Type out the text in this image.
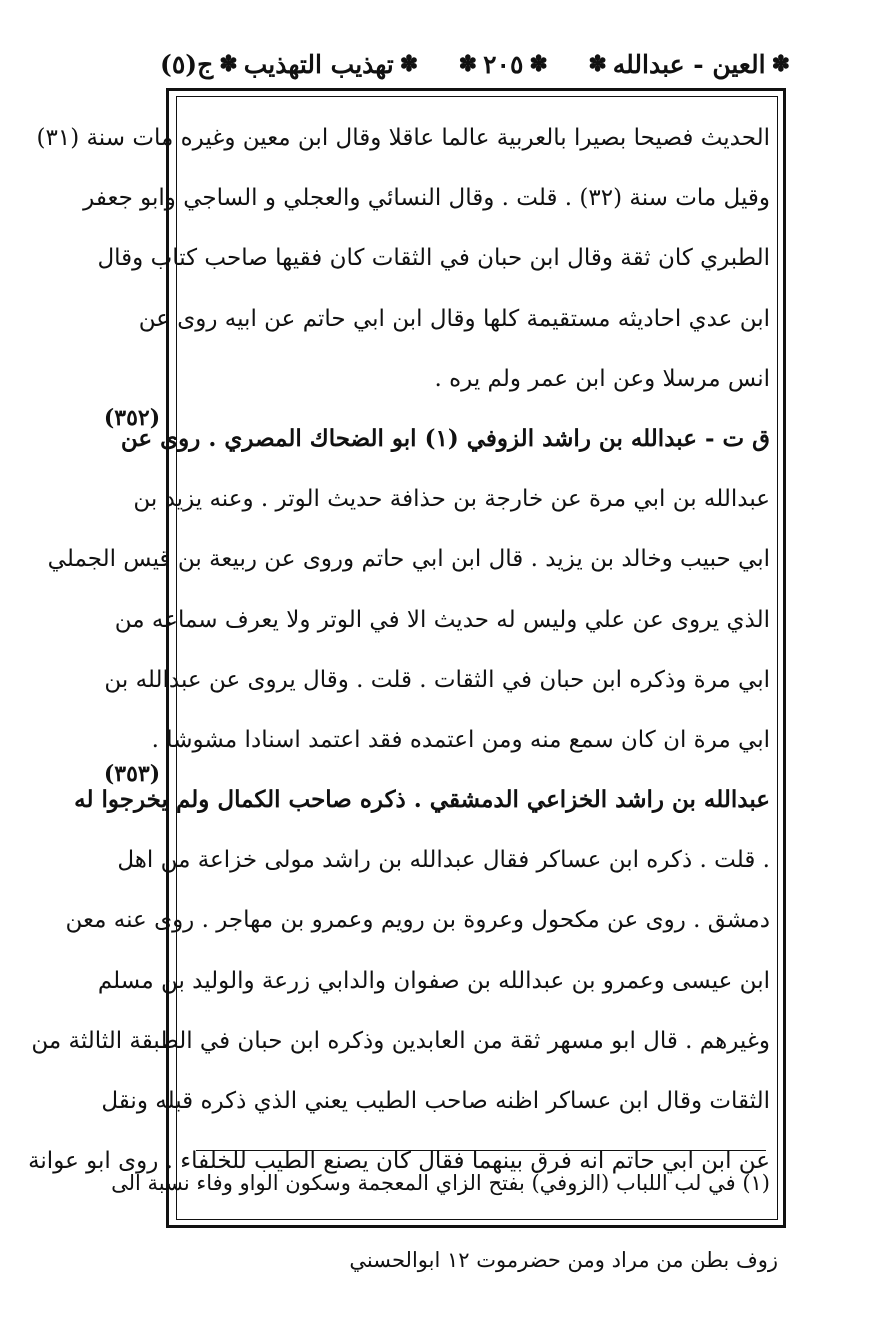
ج(٥) ✽ تهذيب التهذيب ✽ ✽ ٢٠٥ ✽ ✽ العين - عبدالله ✽
الحديث فصيحا بصيرا بالعربية عالما عاقلا وقال ابن معين وغيره مات سنة (٣١)
وقيل مات سنة (٣٢) . قلت . وقال النسائي والعجلي و الساجي وابو جعفر
الطبري كان ثقة وقال ابن حبان في الثقات كان فقيها صاحب كتاب وقال
ابن عدي احاديثه مستقيمة كلها وقال ابن ابي حاتم عن ابيه روى عن
انس مرسلا وعن ابن عمر ولم يره .
ق ت - عبدالله بن راشد الزوفي (١) ابو الضحاك المصري . روى عن
عبدالله بن ابي مرة عن خارجة بن حذافة حديث الوتر . وعنه يزيد بن
ابي حبيب وخالد بن يزيد . قال ابن ابي حاتم وروى عن ربيعة بن قيس الجملي
الذي يروى عن علي وليس له حديث الا في الوتر ولا يعرف سماعه من
ابي مرة وذكره ابن حبان في الثقات . قلت . وقال يروى عن عبدالله بن
ابي مرة ان كان سمع منه ومن اعتمده فقد اعتمد اسنادا مشوشا .
عبدالله بن راشد الخزاعي الدمشقي . ذكره صاحب الكمال ولم يخرجوا له
. قلت . ذكره ابن عساكر فقال عبدالله بن راشد مولى خزاعة من اهل
دمشق . روى عن مكحول وعروة بن رويم وعمرو بن مهاجر . روى عنه معن
ابن عيسى وعمرو بن عبدالله بن صفوان والدابي زرعة والوليد بن مسلم
وغيرهم . قال ابو مسهر ثقة من العابدين وذكره ابن حبان في الطبقة الثالثة من
الثقات وقال ابن عساكر اظنه صاحب الطيب يعني الذي ذكره قبله ونقل
عن ابن ابي حاتم انه فرق بينهما فقال كان يصنع الطيب للخلفاء . روى ابو عوانة
(٣٥٢)
(٣٥٣)
(١) في لب اللباب (الزوفي) بفتح الزاي المعجمة وسكون الواو وفاء نسبة الى
زوف بطن من مراد ومن حضرموت ١٢ ابوالحسني
